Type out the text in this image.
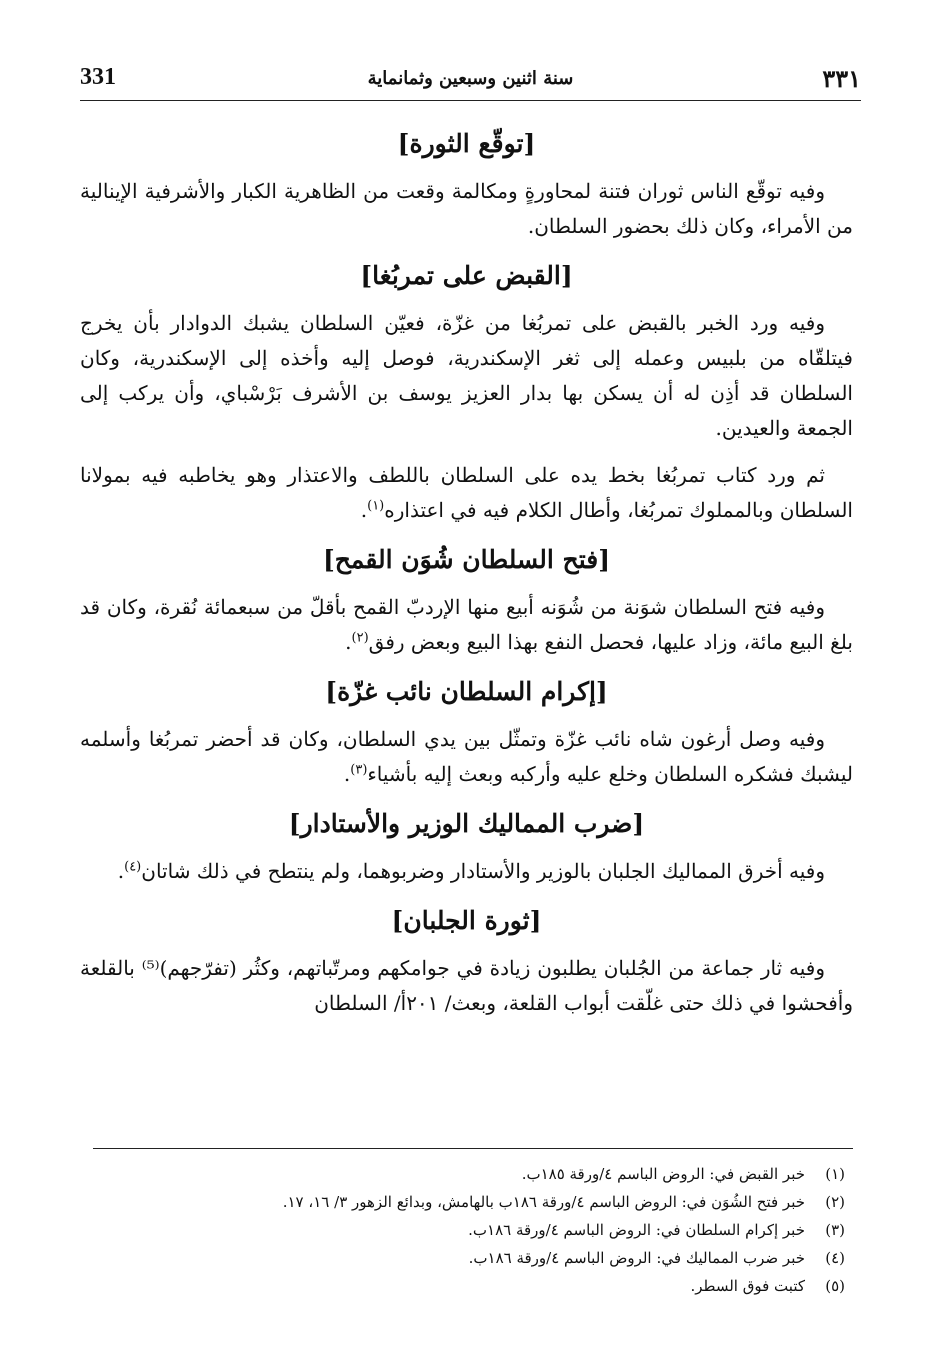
331	سنة اثنين وسبعين وثمانماية	٣٣١
[توقّع الثورة]

وفيه توقّع الناس ثوران فتنة لمحاورةٍ ومكالمة وقعت من الظاهرية الكبار والأشرفية الإينالية من الأمراء، وكان ذلك بحضور السلطان.

[القبض على تمربُغا]

وفيه ورد الخبر بالقبض على تمربُغا من غزّة، فعيّن السلطان يشبك الدوادار بأن يخرج فيتلقّاه من بلبيس وعمله إلى ثغر الإسكندرية، فوصل إليه وأخذه إلى الإسكندرية، وكان السلطان قد أذِن له أن يسكن بها بدار العزيز يوسف بن الأشرف بَرْسْباي، وأن يركب إلى الجمعة والعيدين.

ثم ورد كتاب تمربُغا بخط يده على السلطان باللطف والاعتذار وهو يخاطبه فيه بمولانا السلطان وبالمملوك تمربُغا، وأطال الكلام فيه في اعتذاره$^{(١)}$.

[فتح السلطان شُوَن القمح]

وفيه فتح السلطان شوَنة من شُوَنه أبيع منها الإردبّ القمح بأقلّ من سبعمائة نُقرة، وكان قد بلغ البيع مائة، وزاد عليها، فحصل النفع بهذا البيع وبعض رفق$^{(٢)}$.

[إكرام السلطان نائب غزّة]

وفيه وصل أرغون شاه نائب غزّة وتمثّل بين يدي السلطان، وكان قد أحضر تمربُغا وأسلمه ليشبك فشكره السلطان وخلع عليه وأركبه وبعث إليه بأشياء$^{(٣)}$.

[ضرب المماليك الوزير والأستادار]

وفيه أخرق المماليك الجلبان بالوزير والأستادار وضربوهما، ولم ينتطح في ذلك شاتان$^{(٤)}$.

[ثورة الجلبان]

وفيه ثار جماعة من الجُلبان يطلبون زيادة في جوامكهم ومرتّباتهم، وكثُر (تفرّجهم)⁽⁵⁾ بالقلعة وأفحشوا في ذلك حتى غلّقت أبواب القلعة، وبعث/ ٢٠١أ/ السلطان

(١)خبر القبض في: الروض الباسم ٤/ورقة ١٨٥ب.
(٢)خبر فتح الشُوَن في: الروض الباسم ٤/ورقة ١٨٦ب بالهامش، وبدائع الزهور ٣/ ١٦، ١٧.
(٣)خبر إكرام السلطان في: الروض الباسم ٤/ورقة ١٨٦ب.
(٤)خبر ضرب المماليك في: الروض الباسم ٤/ورقة ١٨٦ب.
(٥)كتبت فوق السطر.
